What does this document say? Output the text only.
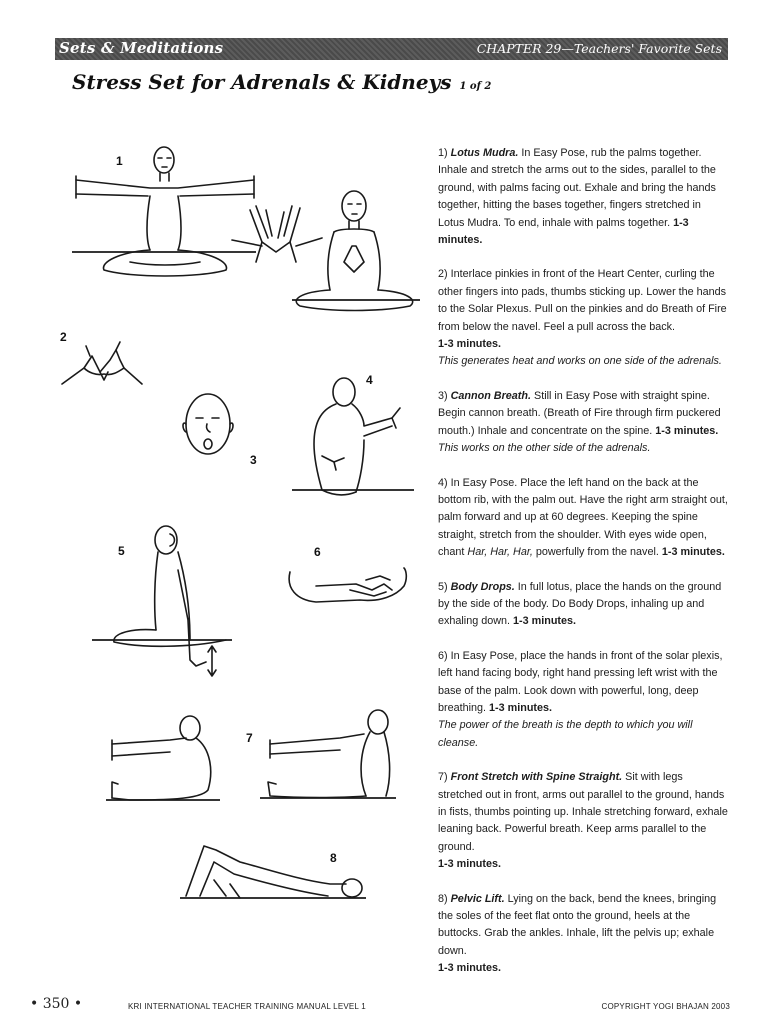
Sets & Meditations	CHAPTER 29—Teachers' Favorite Sets
Stress Set for Adrenals & Kidneys 1 of 2
1
2
3
4
5	6
7
8

1) Lotus Mudra. In Easy Pose, rub the palms together. Inhale and stretch the arms out to the sides, parallel to the ground, with palms facing out. Exhale and bring the hands together, hitting the bases together, fingers stretched in Lotus Mudra. To end, inhale with palms together. 1-3 minutes.

2) Interlace pinkies in front of the Heart Center, curling the other fingers into pads, thumbs sticking up. Lower the hands to the Solar Plexus. Pull on the pinkies and do Breath of Fire from below the navel. Feel a pull across the back.
1-3 minutes.
This generates heat and works on one side of the adrenals.

3) Cannon Breath. Still in Easy Pose with straight spine. Begin cannon breath. (Breath of Fire through firm puckered mouth.) Inhale and concentrate on the spine. 1-3 minutes.
This works on the other side of the adrenals.

4) In Easy Pose. Place the left hand on the back at the bottom rib, with the palm out. Have the right arm straight out, palm forward and up at 60 degrees. Keeping the spine straight, stretch from the shoulder. With eyes wide open, chant Har, Har, Har, powerfully from the navel. 1-3 minutes.

5) Body Drops. In full lotus, place the hands on the ground by the side of the body. Do Body Drops, inhaling up and exhaling down. 1-3 minutes.

6) In Easy Pose, place the hands in front of the solar plexis, left hand facing body, right hand pressing left wrist with the base of the palm. Look down with powerful, long, deep breathing. 1-3 minutes.
The power of the breath is the depth to which you will cleanse.

7) Front Stretch with Spine Straight. Sit with legs stretched out in front, arms out parallel to the ground, hands in fists, thumbs pointing up. Inhale stretching forward, exhale leaning back. Powerful breath. Keep arms parallel to the ground.
1-3 minutes.

8) Pelvic Lift. Lying on the back, bend the knees, bringing the soles of the feet flat onto the ground, heels at the buttocks. Grab the ankles. Inhale, lift the pelvis up; exhale down.
1-3 minutes.

• 350 •	KRI INTERNATIONAL TEACHER TRAINING MANUAL LEVEL 1	COPYRIGHT YOGI BHAJAN 2003
